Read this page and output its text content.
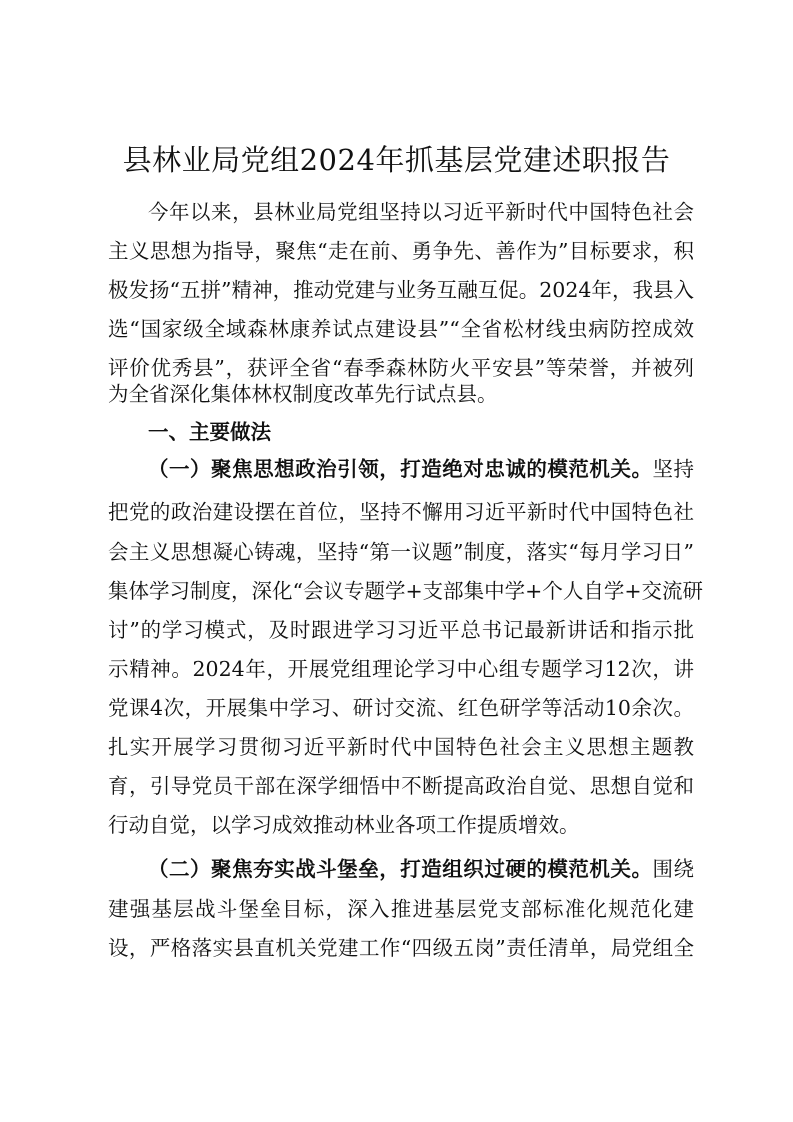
县林业局党组2024年抓基层党建述职报告
今年以来，县林业局党组坚持以习近平新时代中国特色社会
主义思想为指导，聚焦“走在前、勇争先、善作为”目标要求，积
极发扬“五拼”精神，推动党建与业务互融互促。2024年，我县入
选“国家级全域森林康养试点建设县”“全省松材线虫病防控成效
评价优秀县”，获评全省“春季森林防火平安县”等荣誉，并被列
为全省深化集体林权制度改革先行试点县。
一、主要做法
（一）聚焦思想政治引领，打造绝对忠诚的模范机关。坚持
把党的政治建设摆在首位，坚持不懈用习近平新时代中国特色社
会主义思想凝心铸魂，坚持“第一议题”制度，落实“每月学习日”
集体学习制度，深化“会议专题学+支部集中学+个人自学+交流研
讨”的学习模式，及时跟进学习习近平总书记最新讲话和指示批
示精神。2024年，开展党组理论学习中心组专题学习12次，讲
党课4次，开展集中学习、研讨交流、红色研学等活动10余次。
扎实开展学习贯彻习近平新时代中国特色社会主义思想主题教
育，引导党员干部在深学细悟中不断提高政治自觉、思想自觉和
行动自觉，以学习成效推动林业各项工作提质增效。
（二）聚焦夯实战斗堡垒，打造组织过硬的模范机关。围绕
建强基层战斗堡垒目标，深入推进基层党支部标准化规范化建
设，严格落实县直机关党建工作“四级五岗”责任清单，局党组全
